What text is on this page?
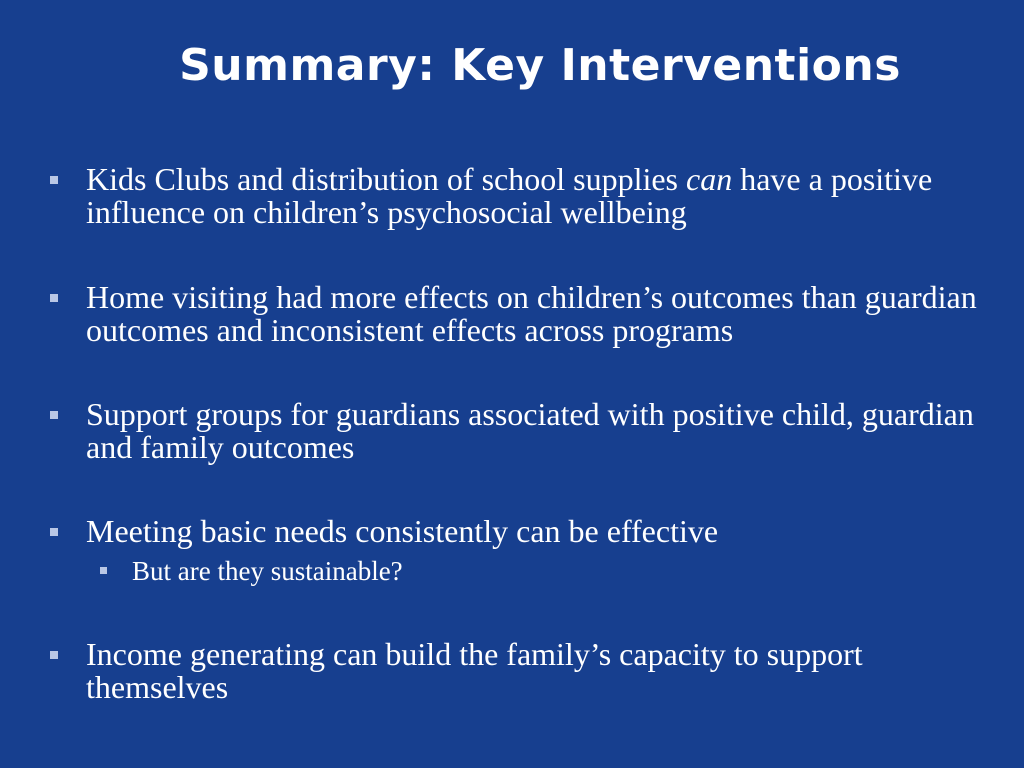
Summary: Key Interventions
Kids Clubs and distribution of school supplies can have a positive influence on children’s psychosocial wellbeing
Home visiting had more effects on children’s outcomes than guardian outcomes and inconsistent effects across programs
Support groups for guardians associated with positive child, guardian and family outcomes
Meeting basic needs consistently can be effective
But are they sustainable?
Income generating can build the family’s capacity to support themselves
